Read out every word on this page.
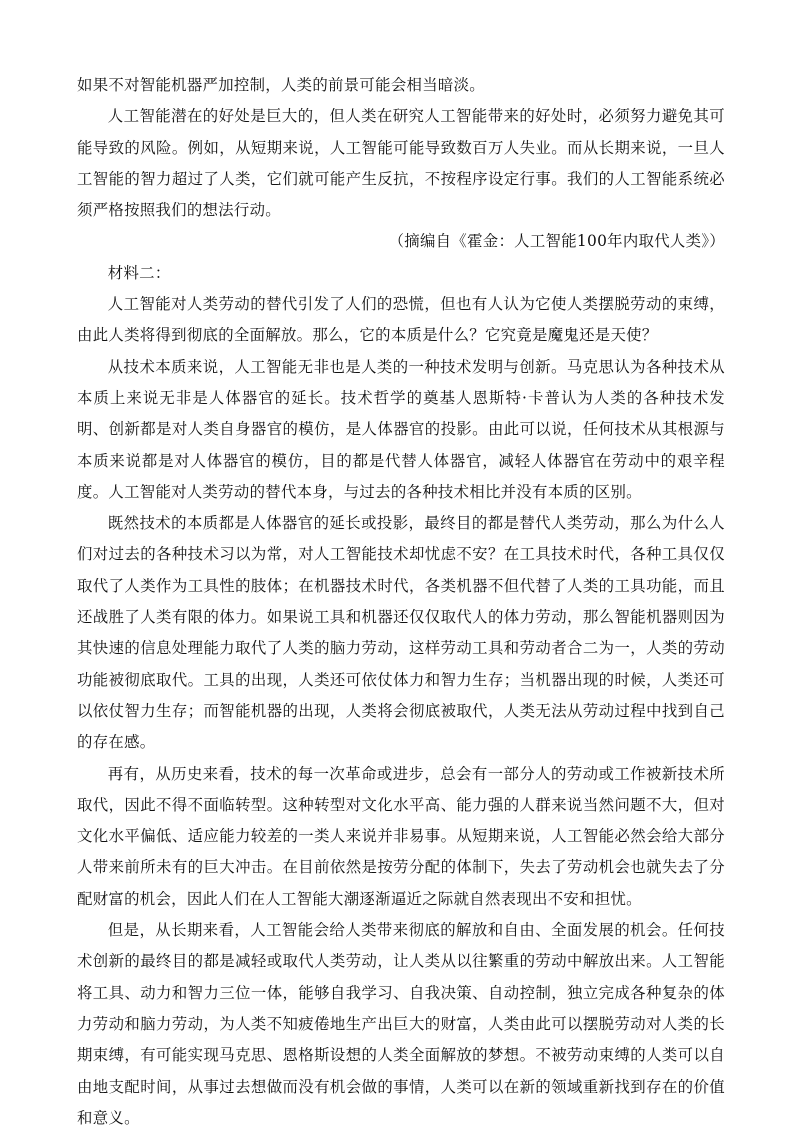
如果不对智能机器严加控制，人类的前景可能会相当暗淡。

人工智能潜在的好处是巨大的，但人类在研究人工智能带来的好处时，必须努力避免其可能导致的风险。例如，从短期来说，人工智能可能导致数百万人失业。而从长期来说，一旦人工智能的智力超过了人类，它们就可能产生反抗，不按程序设定行事。我们的人工智能系统必须严格按照我们的想法行动。

（摘编自《霍金：人工智能100年内取代人类》）

材料二：

人工智能对人类劳动的替代引发了人们的恐慌，但也有人认为它使人类摆脱劳动的束缚，由此人类将得到彻底的全面解放。那么，它的本质是什么？它究竟是魔鬼还是天使？

从技术本质来说，人工智能无非也是人类的一种技术发明与创新。马克思认为各种技术从本质上来说无非是人体器官的延长。技术哲学的奠基人恩斯特·卡普认为人类的各种技术发明、创新都是对人类自身器官的模仿，是人体器官的投影。由此可以说，任何技术从其根源与本质来说都是对人体器官的模仿，目的都是代替人体器官，减轻人体器官在劳动中的艰辛程度。人工智能对人类劳动的替代本身，与过去的各种技术相比并没有本质的区别。

既然技术的本质都是人体器官的延长或投影，最终目的都是替代人类劳动，那么为什么人们对过去的各种技术习以为常，对人工智能技术却忧虑不安？在工具技术时代，各种工具仅仅取代了人类作为工具性的肢体；在机器技术时代，各类机器不但代替了人类的工具功能，而且还战胜了人类有限的体力。如果说工具和机器还仅仅取代人的体力劳动，那么智能机器则因为其快速的信息处理能力取代了人类的脑力劳动，这样劳动工具和劳动者合二为一，人类的劳动功能被彻底取代。工具的出现，人类还可依仗体力和智力生存；当机器出现的时候，人类还可以依仗智力生存；而智能机器的出现，人类将会彻底被取代，人类无法从劳动过程中找到自己的存在感。

再有，从历史来看，技术的每一次革命或进步，总会有一部分人的劳动或工作被新技术所取代，因此不得不面临转型。这种转型对文化水平高、能力强的人群来说当然问题不大，但对文化水平偏低、适应能力较差的一类人来说并非易事。从短期来说，人工智能必然会给大部分人带来前所未有的巨大冲击。在目前依然是按劳分配的体制下，失去了劳动机会也就失去了分配财富的机会，因此人们在人工智能大潮逐渐逼近之际就自然表现出不安和担忧。

但是，从长期来看，人工智能会给人类带来彻底的解放和自由、全面发展的机会。任何技术创新的最终目的都是减轻或取代人类劳动，让人类从以往繁重的劳动中解放出来。人工智能将工具、动力和智力三位一体，能够自我学习、自我决策、自动控制，独立完成各种复杂的体力劳动和脑力劳动，为人类不知疲倦地生产出巨大的财富，人类由此可以摆脱劳动对人类的长期束缚，有可能实现马克思、恩格斯设想的人类全面解放的梦想。不被劳动束缚的人类可以自由地支配时间，从事过去想做而没有机会做的事情，人类可以在新的领域重新找到存在的价值和意义。
